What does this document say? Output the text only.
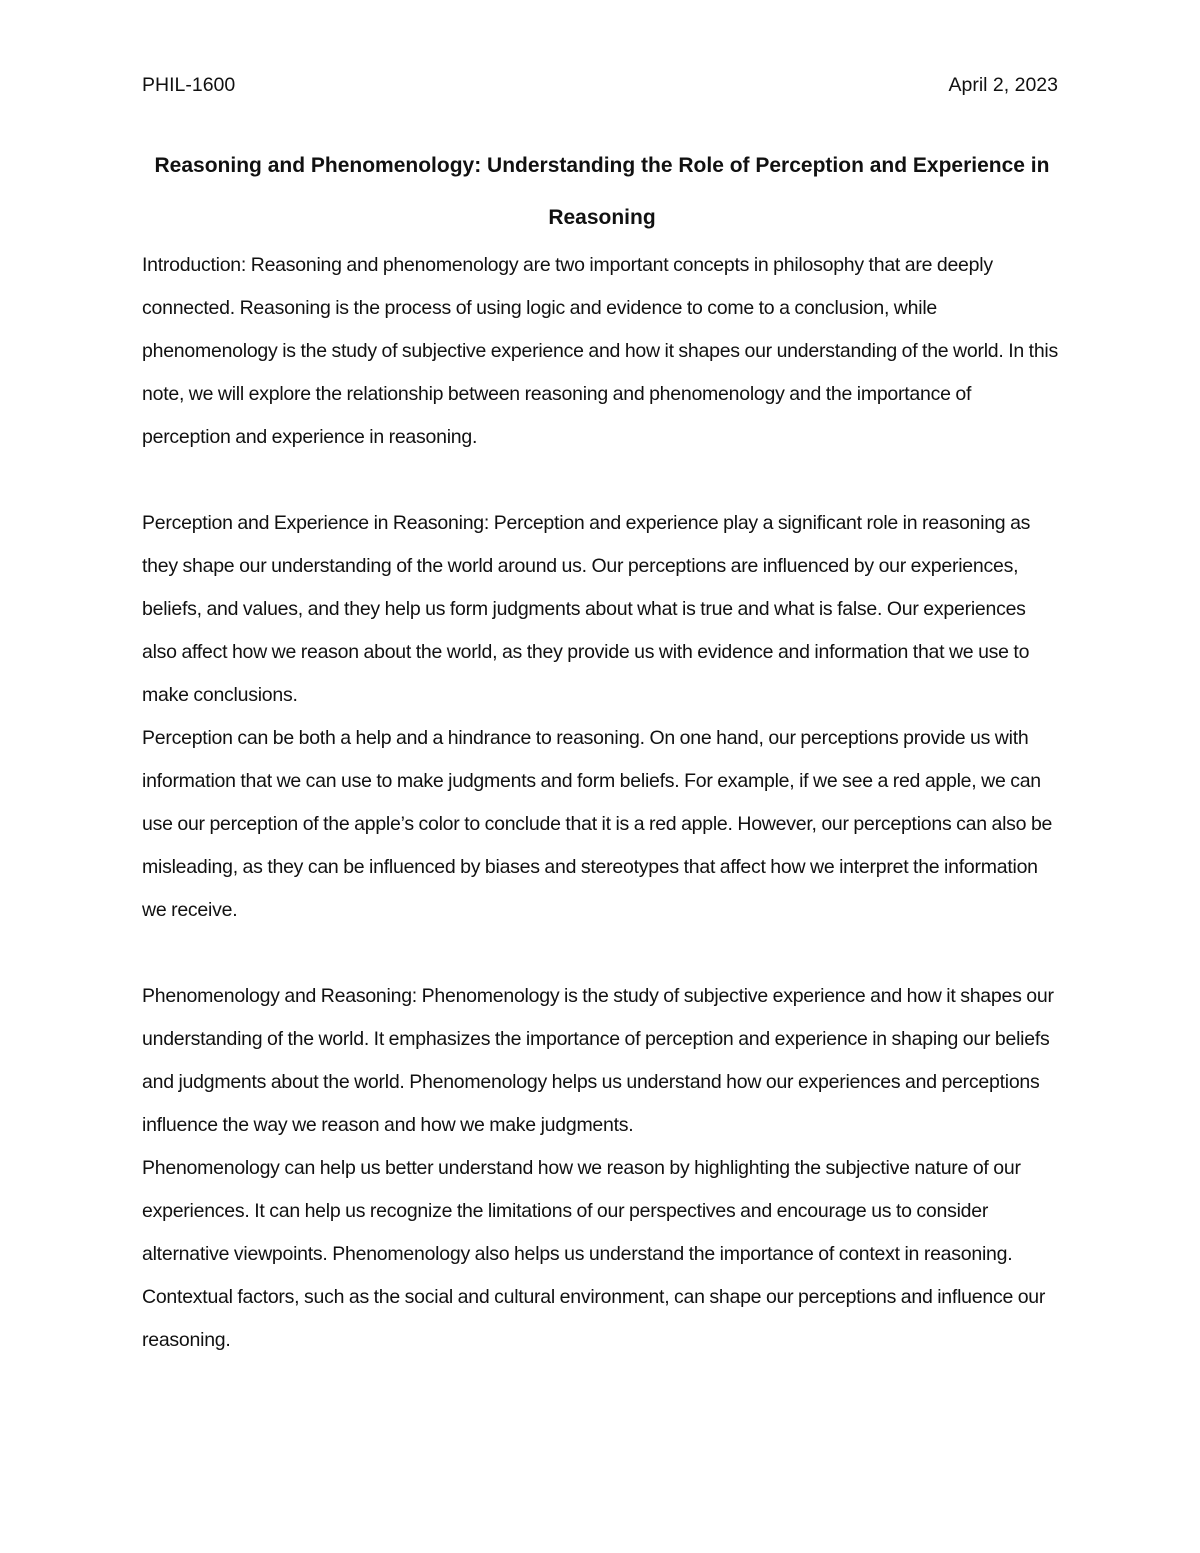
PHIL-1600	April 2, 2023
Reasoning and Phenomenology: Understanding the Role of Perception and Experience in Reasoning

Introduction: Reasoning and phenomenology are two important concepts in philosophy that are deeply connected. Reasoning is the process of using logic and evidence to come to a conclusion, while phenomenology is the study of subjective experience and how it shapes our understanding of the world. In this note, we will explore the relationship between reasoning and phenomenology and the importance of perception and experience in reasoning.

Perception and Experience in Reasoning: Perception and experience play a significant role in reasoning as they shape our understanding of the world around us. Our perceptions are influenced by our experiences, beliefs, and values, and they help us form judgments about what is true and what is false. Our experiences also affect how we reason about the world, as they provide us with evidence and information that we use to make conclusions.

Perception can be both a help and a hindrance to reasoning. On one hand, our perceptions provide us with information that we can use to make judgments and form beliefs. For example, if we see a red apple, we can use our perception of the apple’s color to conclude that it is a red apple. However, our perceptions can also be misleading, as they can be influenced by biases and stereotypes that affect how we interpret the information we receive.

Phenomenology and Reasoning: Phenomenology is the study of subjective experience and how it shapes our understanding of the world. It emphasizes the importance of perception and experience in shaping our beliefs and judgments about the world. Phenomenology helps us understand how our experiences and perceptions influence the way we reason and how we make judgments.

Phenomenology can help us better understand how we reason by highlighting the subjective nature of our experiences. It can help us recognize the limitations of our perspectives and encourage us to consider alternative viewpoints. Phenomenology also helps us understand the importance of context in reasoning. Contextual factors, such as the social and cultural environment, can shape our perceptions and influence our reasoning.
